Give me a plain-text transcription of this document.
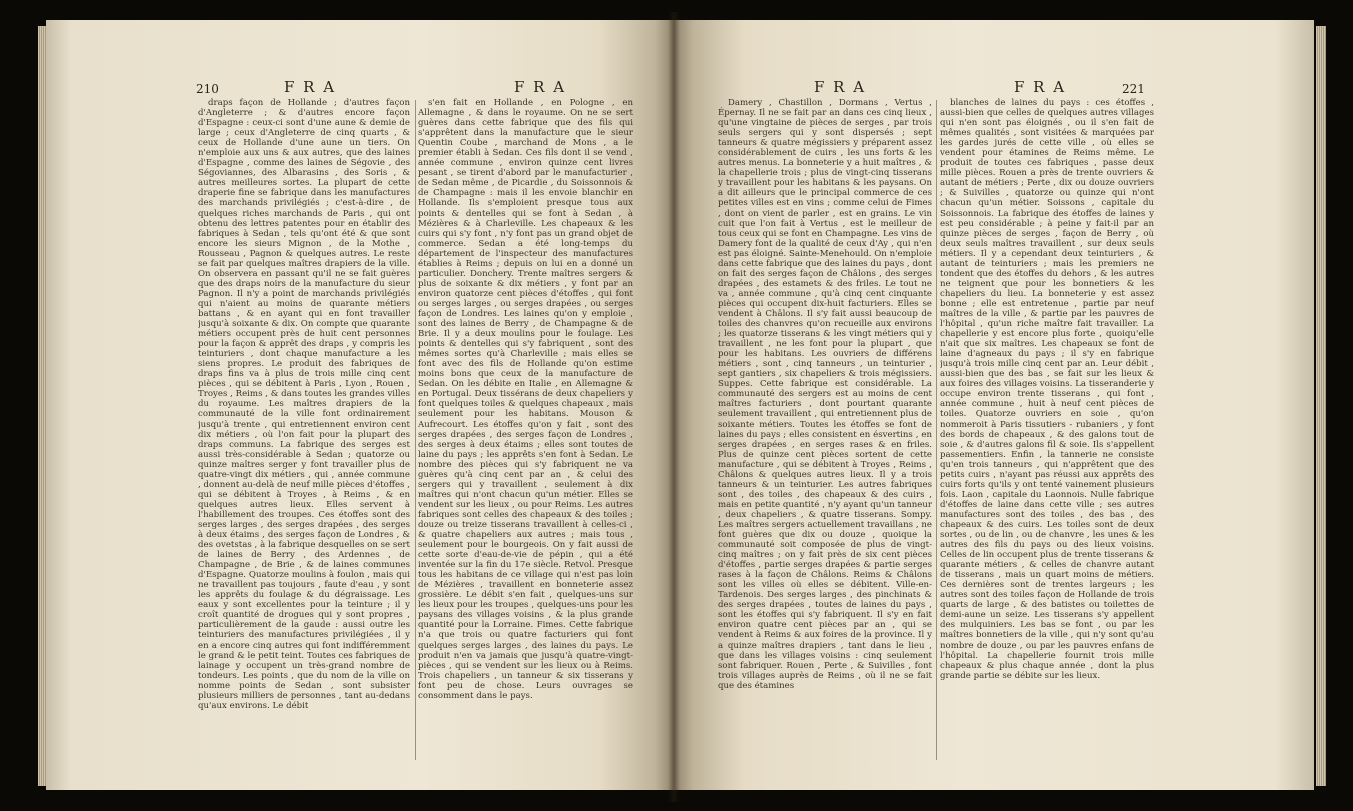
210	F R A	F R A

draps façon de Hollande ; d'autres façon d'Angleterre ; & d'autres encore façon d'Espagne : ceux-ci sont d'une aune & demie de large ; ceux d'Angleterre de cinq quarts , & ceux de Hollande d'une aune un tiers. On n'emploie aux uns & aux autres, que des laines d'Espagne , comme des laines de Ségovie , des Ségoviannes, des Albarasins , des Soris , & autres meilleures sortes. La plupart de cette draperie fine se fabrique dans les manufactures des marchands privilégiés ; c'est-à-dire , de quelques riches marchands de Paris , qui ont obtenu des lettres patentes pour en établir des fabriques à Sedan , tels qu'ont été & que sont encore les sieurs Mignon , de la Mothe , Rousseau , Pagnon & quelques autres. Le reste se fait par quelques maîtres drapiers de la ville. On observera en passant qu'il ne se fait guères que des draps noirs de la manufacture du sieur Pagnon. Il n'y a point de marchands privilégiés qui n'aient au moins de quarante métiers battans , & en ayant qui en font travailler jusqu'à soixante & dix. On compte que quarante métiers occupent près de huit cent personnes pour la façon & apprêt des draps , y compris les teinturiers , dont chaque manufacture a les siens propres. Le produit des fabriques de draps fins va à plus de trois mille cinq cent pièces , qui se débitent à Paris , Lyon , Rouen , Troyes , Reims , & dans toutes les grandes villes du royaume. Les maîtres drapiers de la communauté de la ville font ordinairement jusqu'à trente , qui entretiennent environ cent dix métiers , où l'on fait pour la plupart des draps communs. La fabrique des serges est aussi très-considérable à Sedan ; quatorze ou quinze maîtres serger y font travailler plus de quatre-vingt dix métiers , qui , année commune , donnent au-delà de neuf mille pièces d'étoffes , qui se débitent à Troyes , à Reims , & en quelques autres lieux. Elles servent à l'habillement des troupes. Ces étoffes sont des serges larges , des serges drapées , des serges à deux étaims , des serges façon de Londres , & des ovetstas , à la fabrique desquelles on se sert de laines de Berry , des Ardennes , de Champagne , de Brie , & de laines communes d'Espagne. Quatorze moulins à foulon , mais qui ne travaillent pas toujours , faute d'eau , y sont les apprêts du foulage & du dégraissage. Les eaux y sont excellentes pour la teinture ; il y croît quantité de drogues qui y sont propres , particulièrement de la gaude : aussi outre les teinturiers des manufactures privilégiées , il y en a encore cinq autres qui font indifféremment le grand & le petit teint. Toutes ces fabriques de lainage y occupent un très-grand nombre de tondeurs. Les points , que du nom de la ville on nomme points de Sedan , sont subsister plusieurs milliers de personnes , tant au-dedans qu'aux environs. Le débit

s'en fait en Hollande , en Pologne , en Allemagne , & dans le royaume. On ne se sert guères dans cette fabrique que des fils qui s'apprêtent dans la manufacture que le sieur Quentin Coube , marchand de Mons , a le premier établi à Sedan. Ces fils dont il se vend , année commune , environ quinze cent livres pesant , se tirent d'abord par le manufacturier , de Sedan même , de Picardie , du Soissonnois & de Champagne : mais il les envoie blanchir en Hollande. Ils s'emploient presque tous aux points & dentelles qui se font à Sedan , à Mézières & à Charleville. Les chapeaux & les cuirs qui s'y font , n'y font pas un grand objet de commerce. Sedan a été long-temps du département de l'inspecteur des manufactures établies à Reims ; depuis on lui en a donné un particulier. Donchery. Trente maîtres sergers & plus de soixante & dix métiers , y font par an environ quatorze cent pièces d'étoffes , qui font ou serges larges , ou serges drapées , ou serges façon de Londres. Les laines qu'on y emploie , sont des laines de Berry , de Champagne & de Brie. Il y a deux moulins pour le foulage. Les points & dentelles qui s'y fabriquent , sont des mêmes sortes qu'à Charleville ; mais elles se font avec des fils de Hollande qu'on estime moins bons que ceux de la manufacture de Sedan. On les débite en Italie , en Allemagne & en Portugal. Deux tissérans de deux chapeliers y font quelques toiles & quelques chapeaux , mais seulement pour les habitans. Mouson & Aufrecourt. Les étoffes qu'on y fait , sont des serges drapées , des serges façon de Londres , des serges à deux étaims ; elles sont toutes de laine du pays ; les apprêts s'en font à Sedan. Le nombre des pièces qui s'y fabriquent ne va guères qu'à cinq cent par an , & celui des sergers qui y travaillent , seulement à dix maîtres qui n'ont chacun qu'un métier. Elles se vendent sur les lieux , ou pour Reims. Les autres fabriques sont celles des chapeaux & des toiles ; douze ou treize tisserans travaillent à celles-ci , & quatre chapeliers aux autres ; mais tous , seulement pour le bourgeois. On y fait aussi de cette sorte d'eau-de-vie de pépin , qui a été inventée sur la fin du 17e siècle. Retvol. Presque tous les habitans de ce village qui n'est pas loin de Mézières , travaillent en bonneterie assez grossière. Le débit s'en fait , quelques-uns sur les lieux pour les troupes , quelques-uns pour les paysans des villages voisins , & la plus grande quantité pour la Lorraine. Fimes. Cette fabrique n'a que trois ou quatre facturiers qui font quelques serges larges , des laines du pays. Le produit n'en va jamais que jusqu'à quatre-vingt-pièces , qui se vendent sur les lieux ou à Reims. Trois chapeliers , un tanneur & six tisserans y font peu de chose. Leurs ouvrages se consomment dans le pays.

F R A	F R A	221

Damery , Chastillon , Dormans , Vertus , Épernay. Il ne se fait par an dans ces cinq lieux , qu'une vingtaine de pièces de serges , par trois seuls sergers qui y sont dispersés ; sept tanneurs & quatre mégissiers y préparent assez considérablement de cuirs , les uns forts & les autres menus. La bonneterie y a huit maîtres , & la chapellerie trois ; plus de vingt-cinq tisserans y travaillent pour les habitans & les paysans. On a dit ailleurs que le principal commerce de ces petites villes est en vins ; comme celui de Fimes , dont on vient de parler , est en grains. Le vin cuit que l'on fait à Vertus , est le meilleur de tous ceux qui se font en Champagne. Les vins de Damery font de la qualité de ceux d'Ay , qui n'en est pas éloigné. Sainte-Menehould. On n'emploie dans cette fabrique que des laines du pays , dont on fait des serges façon de Châlons , des serges drapées , des estamets & des friles. Le tout ne va , année commune , qu'à cinq cent cinquante pièces qui occupent dix-huit facturiers. Elles se vendent à Châlons. Il s'y fait aussi beaucoup de toiles des chanvres qu'on recueille aux environs ; les quatorze tisserans & les vingt métiers qui y travaillent , ne les font pour la plupart , que pour les habitans. Les ouvriers de différens métiers , sont , cinq tanneurs , un teinturier , sept gantiers , six chapeliers & trois mégissiers. Suppes. Cette fabrique est considérable. La communauté des sergers est au moins de cent maîtres facturiers , dont pourtant quarante seulement travaillent , qui entretiennent plus de soixante métiers. Toutes les étoffes se font de laines du pays ; elles consistent en ésvertins , en serges drapées , en serges rases & en friles. Plus de quinze cent pièces sortent de cette manufacture , qui se débitent à Troyes , Reims , Châlons & quelques autres lieux. Il y a trois tanneurs & un teinturier. Les autres fabriques sont , des toiles , des chapeaux & des cuirs , mais en petite quantité , n'y ayant qu'un tanneur , deux chapeliers , & quatre tisserans. Sompy. Les maîtres sergers actuellement travaillans , ne font guères que dix ou douze , quoique la communauté soit composée de plus de vingt-cinq maîtres ; on y fait près de six cent pièces d'étoffes , partie serges drapées & partie serges rases à la façon de Châlons. Reims & Châlons sont les villes où elles se débitent. Ville-en-Tardenois. Des serges larges , des pinchinats & des serges drapées , toutes de laines du pays , sont les étoffes qui s'y fabriquent. Il s'y en fait environ quatre cent pièces par an , qui se vendent à Reims & aux foires de la province. Il y a quinze maîtres drapiers , tant dans le lieu , que dans les villages voisins : cinq seulement sont fabriquer. Rouen , Perte , & Suivilles , font trois villages auprès de Reims , où il ne se fait que des étamines

blanches de laines du pays : ces étoffes , aussi-bien que celles de quelques autres villages qui n'en sont pas éloignés , ou il s'en fait de mêmes qualités , sont visitées & marquées par les gardes jurés de cette ville , où elles se vendent pour étamines de Reims même. Le produit de toutes ces fabriques , passe deux mille pièces. Rouen a près de trente ouvriers & autant de métiers ; Perte , dix ou douze ouvriers ; & Suivilles , quatorze ou quinze qui n'ont chacun qu'un métier. Soissons , capitale du Soissonnois. La fabrique des étoffes de laines y est peu considérable ; à peine y fait-il par an quinze pièces de serges , façon de Berry , où deux seuls maîtres travaillent , sur deux seuls métiers. Il y a cependant deux teinturiers , & autant de teinturiers ; mais les premiers ne tondent que des étoffes du dehors , & les autres ne teignent que pour les bonnetiers & les chapeliers du lieu. La bonneterie y est assez bonne ; elle est entretenue , partie par neuf maîtres de la ville , & partie par les pauvres de l'hôpital , qu'un riche maître fait travailler. La chapellerie y est encore plus forte , quoiqu'elle n'ait que six maîtres. Les chapeaux se font de laine d'agneaux du pays ; il s'y en fabrique jusqu'à trois mille cinq cent par an. Leur débit , aussi-bien que des bas , se fait sur les lieux & aux foires des villages voisins. La tisseranderie y occupe environ trente tisserans , qui font , année commune , huit à neuf cent pièces de toiles. Quatorze ouvriers en soie , qu'on nommeroit à Paris tissutiers - rubaniers , y font des bords de chapeaux , & des galons tout de soie , & d'autres galons fil & soie. Ils s'appellent passementiers. Enfin , la tannerie ne consiste qu'en trois tanneurs , qui n'apprêtent que des petits cuirs , n'ayant pas réussi aux apprêts des cuirs forts qu'ils y ont tenté vainement plusieurs fois. Laon , capitale du Laonnois. Nulle fabrique d'étoffes de laine dans cette ville ; ses autres manufactures sont des toiles , des bas , des chapeaux & des cuirs. Les toiles sont de deux sortes , ou de lin , ou de chanvre , les unes & les autres des fils du pays ou des lieux voisins. Celles de lin occupent plus de trente tisserans & quarante métiers , & celles de chanvre autant de tisserans , mais un quart moins de métiers. Ces dernières sont de trentes largeurs ; les autres sont des toiles façon de Hollande de trois quarts de large , & des batistes ou toilettes de demi-aune un seize. Les tisserans s'y appellent des mulquiniers. Les bas se font , ou par les maîtres bonnetiers de la ville , qui n'y sont qu'au nombre de douze , ou par les pauvres enfans de l'hôpital. La chapellerie fournit trois mille chapeaux & plus chaque année , dont la plus grande partie se débite sur les lieux.
